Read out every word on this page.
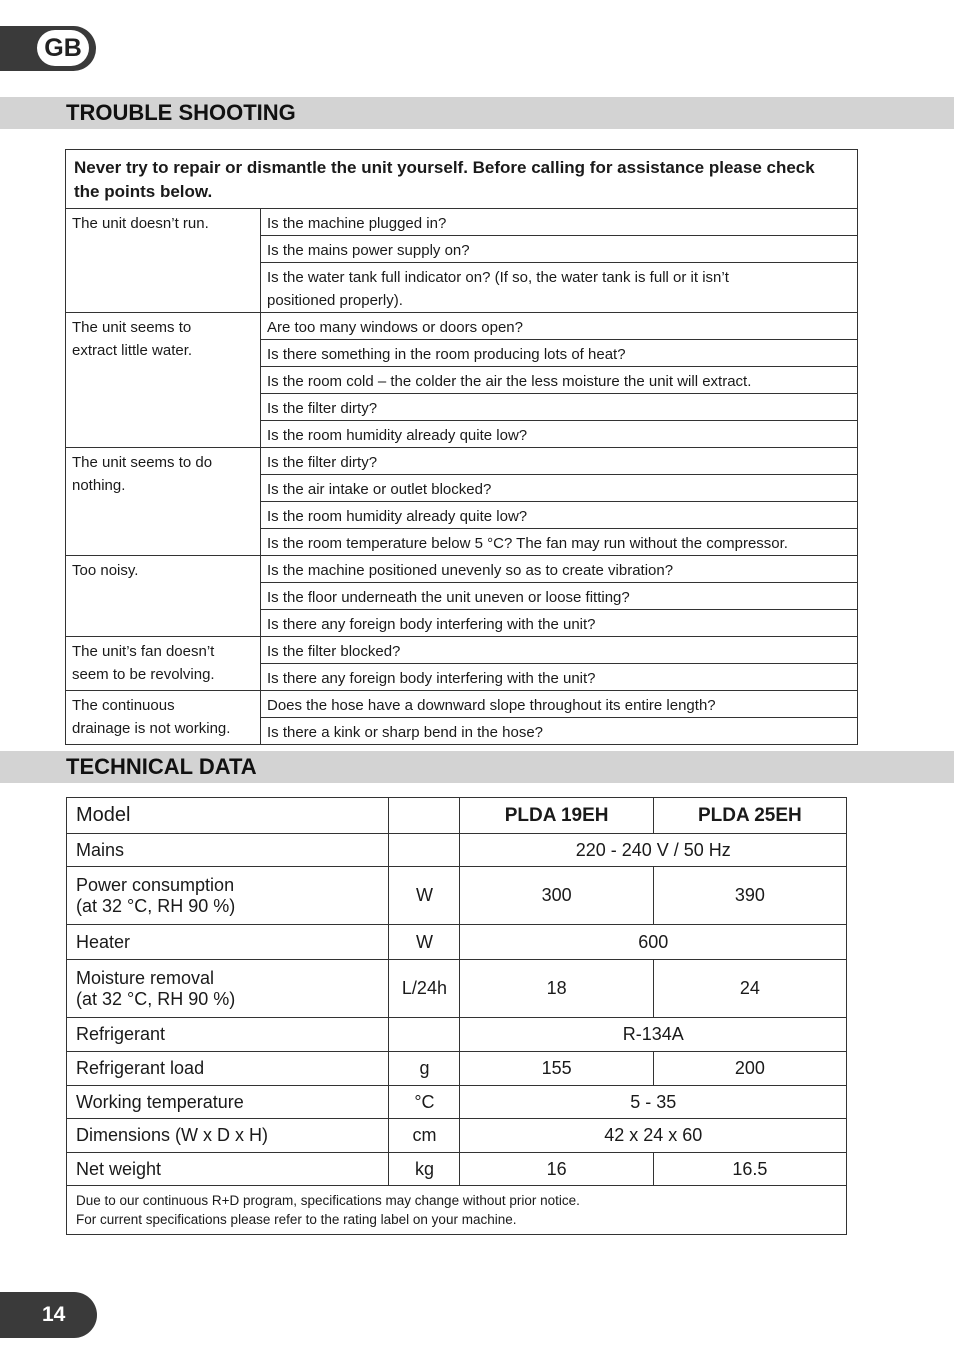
GB
TROUBLE SHOOTING
Never try to repair or dismantle the unit yourself. Before calling for assistance please check
the points below.	

The unit doesn’t run.	Is the machine plugged in?

	Is the mains power supply on?

	Is the water tank full indicator on? (If so, the water tank is full or it isn’t
positioned properly).

The unit seems to
extract little water.	Are too many windows or doors open?

	Is there something in the room producing lots of heat?

	Is the room cold – the colder the air the less moisture the unit will extract.

	Is the filter dirty?

	Is the room humidity already quite low?

The unit seems to do
nothing.	Is the filter dirty?

	Is the air intake or outlet blocked?

	Is the room humidity already quite low?

	Is the room temperature below 5 °C? The fan may run without the compressor.

Too noisy.	Is the machine positioned unevenly so as to create vibration?

	Is the floor underneath the unit uneven or loose fitting?

	Is there any foreign body interfering with the unit?

The unit’s fan doesn’t
seem to be revolving.	Is the filter blocked?

	Is there any foreign body interfering with the unit?

The continuous
drainage is not working.	Does the hose have a downward slope throughout its entire length?

	Is there a kink or sharp bend in the hose?
TECHNICAL DATA
Model		PLDA 19EH	PLDA 25EH

Mains		220 - 240 V / 50 Hz	

Power consumption
(at 32 °C, RH 90 %)	W	300	390

Heater	W	600	

Moisture removal
(at 32 °C, RH 90 %)	L/24h	18	24

Refrigerant		R-134A	

Refrigerant load	g	155	200

Working temperature	°C	5 - 35	

Dimensions (W x D x H)	cm	42 x 24 x 60	

Net weight	kg	16	16.5

Due to our continuous R+D program, specifications may change without prior notice.
For current specifications please refer to the rating label on your machine.			
14
